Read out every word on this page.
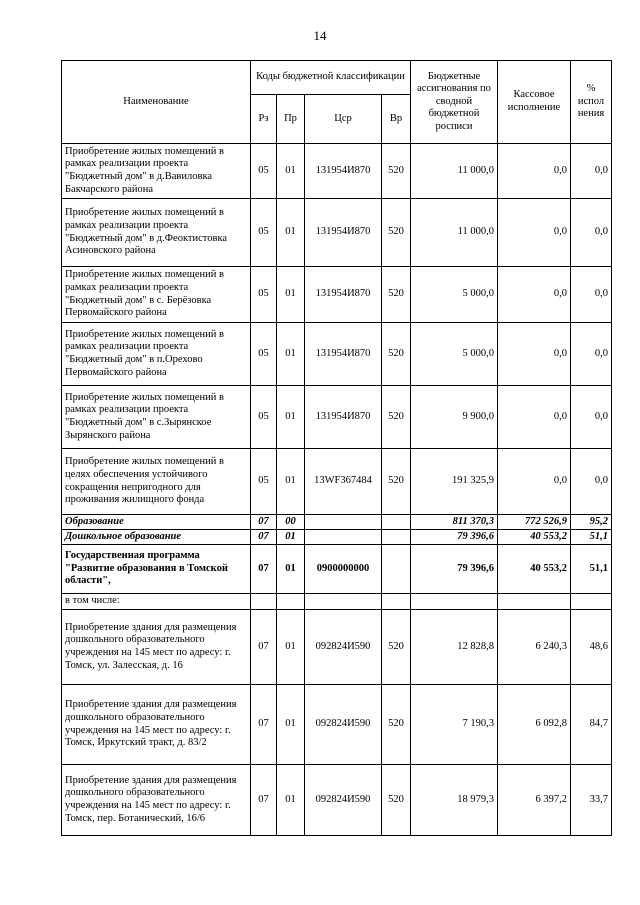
14
Наименование	Коды бюджетной классификации				Бюджетные ассигнования по сводной бюджетной росписи	Кассовое исполнение	% испол нения
	Рз	Пр	Цср	Вр			
Приобретение жилых помещений в рамках реализации проекта "Бюджетный дом" в д.Вавиловка Бакчарского района	05	01	131954И870	520	11 000,0	0,0	0,0
Приобретение жилых помещений в рамках реализации проекта "Бюджетный дом" в д.Феоктистовка Асиновского района	05	01	131954И870	520	11 000,0	0,0	0,0
Приобретение жилых помещений в рамках реализации проекта "Бюджетный дом" в с. Берёзовка Первомайского района	05	01	131954И870	520	5 000,0	0,0	0,0
Приобретение жилых помещений в рамках реализации проекта "Бюджетный дом" в п.Орехово Первомайского района	05	01	131954И870	520	5 000,0	0,0	0,0
Приобретение жилых помещений в рамках реализации проекта "Бюджетный дом" в с.Зырянское Зырянского района	05	01	131954И870	520	9 900,0	0,0	0,0
Приобретение жилых помещений в целях обеспечения устойчивого сокращения непригодного для проживания жилищного фонда	05	01	13WF367484	520	191 325,9	0,0	0,0
Образование	07	00			811 370,3	772 526,9	95,2
Дошкольное образование	07	01			79 396,6	40 553,2	51,1
Государственная программа "Развитие образования в Томской области",	07	01	0900000000		79 396,6	40 553,2	51,1
в том числе:							
Приобретение здания для размещения дошкольного образовательного учреждения на 145 мест по адресу: г. Томск, ул. Залесская, д. 16	07	01	092824И590	520	12 828,8	6 240,3	48,6
Приобретение здания для размещения дошкольного образовательного учреждения на 145 мест по адресу: г. Томск, Иркутский тракт, д. 83/2	07	01	092824И590	520	7 190,3	6 092,8	84,7
Приобретение здания для размещения дошкольного образовательного учреждения на 145 мест по адресу: г. Томск, пер. Ботанический, 16/6	07	01	092824И590	520	18 979,3	6 397,2	33,7
